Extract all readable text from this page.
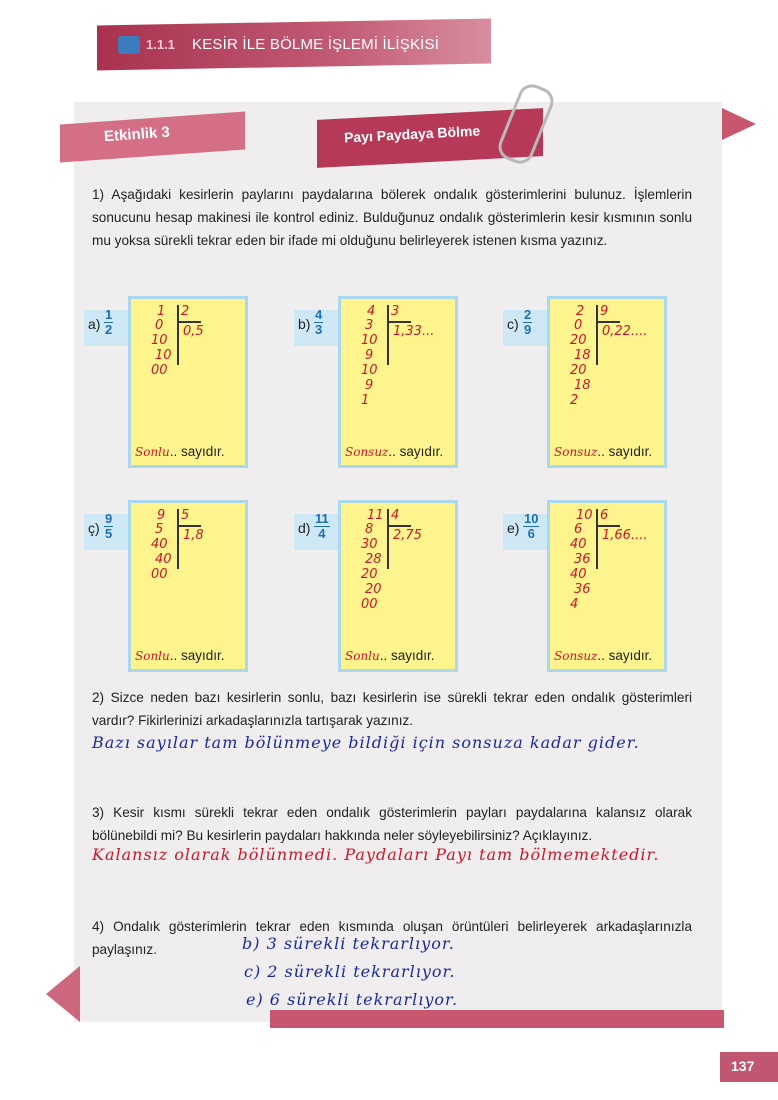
1.1.1 KESİR İLE BÖLME İŞLEMİ İLİŞKİSİ
Etkinlik 3	Payı Paydaya Bölme
1) Aşağıdaki kesirlerin paylarını paydalarına bölerek ondalık gösterimlerini bulunuz. İşlemlerin sonucunu hesap makinesi ile kontrol ediniz. Bulduğunuz ondalık gösterimlerin kesir kısmının sonlu mu yoksa sürekli tekrar eden bir ifade mi olduğunu belirleyerek istenen kısma yazınız.
$a) \frac{1}{2}$	1 2
0,5
0
10
10
00
Sonlu.. sayıdır.
$b) \frac{4}{3}$	4 3
1,33...
3
10
9
10
9
1
Sonsuz.. sayıdır.
$c) \frac{2}{9}$	2 9
0,22....
0
20
18
20
18
2
Sonsuz.. sayıdır.
ç) $\frac{9}{5}$	9 5
1,8
5
40
40
00
Sonlu.. sayıdır.
$d) \frac{11}{4}$	11 4
2,75
8
30
28
20
20
00
Sonlu.. sayıdır.
$e) \frac{10}{6}$	10 6
1,66....
6
40
36
40
36
4
Sonsuz.. sayıdır.
2) Sizce neden bazı kesirlerin sonlu, bazı kesirlerin ise sürekli tekrar eden ondalık gösterimleri vardır? Fikirlerinizi arkadaşlarınızla tartışarak yazınız.
Bazı sayılar tam bölünmeye bildiği için sonsuza kadar gider.
3) Kesir kısmı sürekli tekrar eden ondalık gösterimlerin payları paydalarına kalansız olarak bölünebildi mi? Bu kesirlerin paydaları hakkında neler söyleyebilirsiniz? Açıklayınız.
Kalansız olarak bölünmedi. Paydaları Payı tam bölmemektedir.
4) Ondalık gösterimlerin tekrar eden kısmında oluşan örüntüleri belirleyerek arkadaşlarınızla paylaşınız.	b) 3 sürekli tekrarlıyor.
c) 2 sürekli tekrarlıyor.
e) 6 sürekli tekrarlıyor.
137
